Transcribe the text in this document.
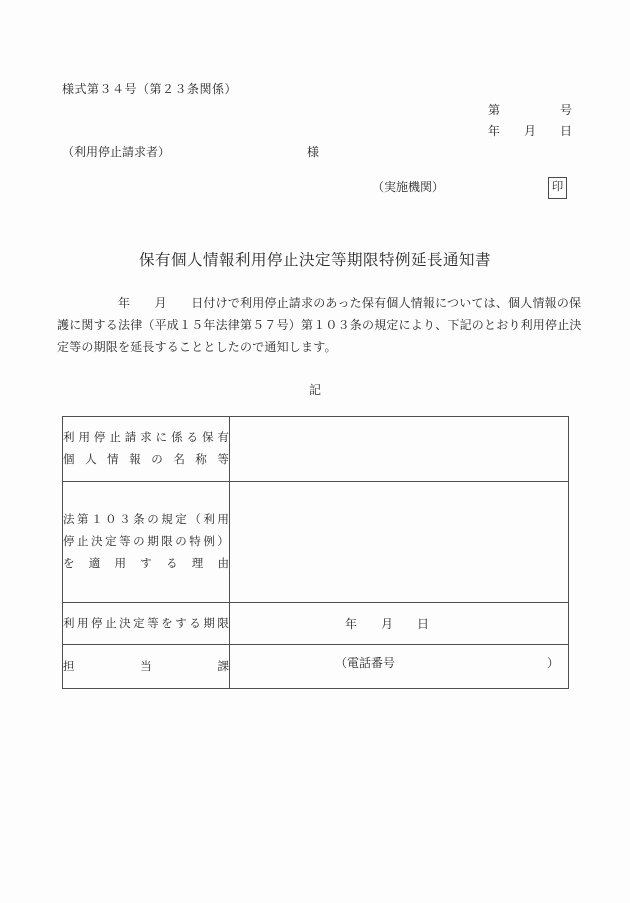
様式第３４号（第２３条関係）
第　　　　　号
年　　月　　日
（利用停止請求者）	様
（実施機関）	印
保有個人情報利用停止決定等期限特例延長通知書
　　　　　年　　月　　日付けで利用停止請求のあった保有個人情報については、個人情報の保
護に関する法律（平成１５年法律第５７号）第１０３条の規定により、下記のとおり利用停止決
定等の期限を延長することとしたので通知します。
記
利 用 停 止 請 求 に 係 る 保 有
個 人 情 報 の 名 称 等

法 第 １ ０ ３ 条 の 規 定 （ 利 用
停 止 決 定 等 の 期 限 の 特 例 ）
を 適 用 す る 理 由

利 用 停 止 決 定 等 を す る 期 限	年　　月　　日

担 当 課	（電話番号 ）
